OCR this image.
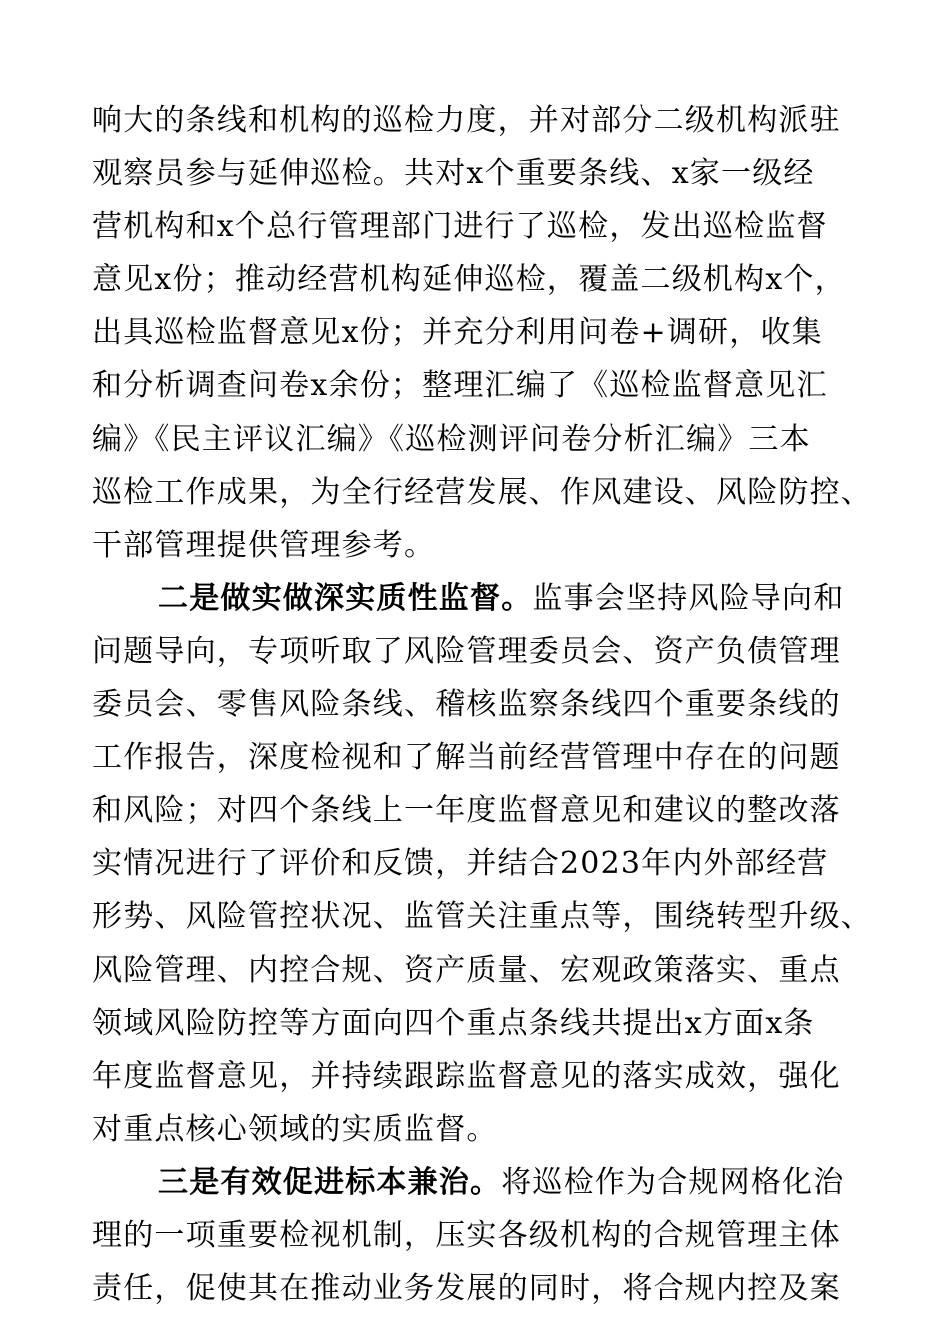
响大的条线和机构的巡检力度，并对部分二级机构派驻
观察员参与延伸巡检。共对x个重要条线、x家一级经
营机构和x个总行管理部门进行了巡检，发出巡检监督
意见x份；推动经营机构延伸巡检，覆盖二级机构x个，
出具巡检监督意见x份；并充分利用问卷+调研，收集
和分析调查问卷x余份；整理汇编了《巡检监督意见汇
编》《民主评议汇编》《巡检测评问卷分析汇编》三本
巡检工作成果，为全行经营发展、作风建设、风险防控、
干部管理提供管理参考。
二是做实做深实质性监督。监事会坚持风险导向和
问题导向，专项听取了风险管理委员会、资产负债管理
委员会、零售风险条线、稽核监察条线四个重要条线的
工作报告，深度检视和了解当前经营管理中存在的问题
和风险；对四个条线上一年度监督意见和建议的整改落
实情况进行了评价和反馈，并结合2023年内外部经营
形势、风险管控状况、监管关注重点等，围绕转型升级、
风险管理、内控合规、资产质量、宏观政策落实、重点
领域风险防控等方面向四个重点条线共提出x方面x条
年度监督意见，并持续跟踪监督意见的落实成效，强化
对重点核心领域的实质监督。
三是有效促进标本兼治。将巡检作为合规网格化治
理的一项重要检视机制，压实各级机构的合规管理主体
责任，促使其在推动业务发展的同时，将合规内控及案
